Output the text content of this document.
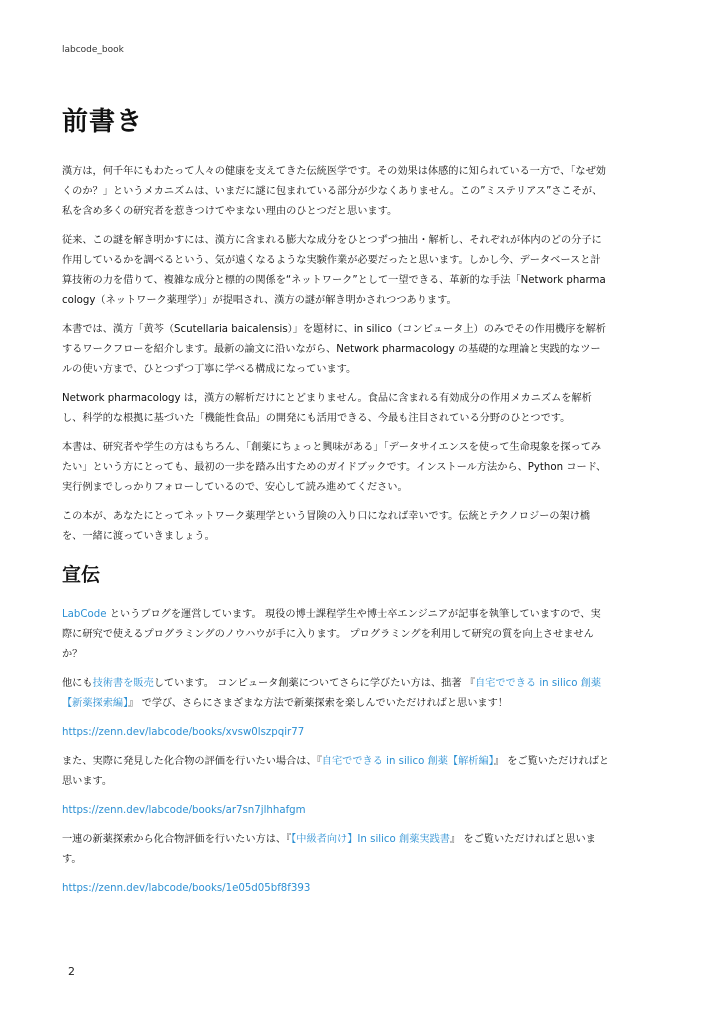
labcode_book
前書き

漢方は，何千年にもわたって人々の健康を支えてきた伝統医学です。その効果は体感的に知られている一方で、「なぜ効くのか？」というメカニズムは、いまだに謎に包まれている部分が少なくありません。この”ミステリアス”さこそが、私を含め多くの研究者を惹きつけてやまない理由のひとつだと思います。

従来、この謎を解き明かすには、漢方に含まれる膨大な成分をひとつずつ抽出・解析し、それぞれが体内のどの分子に作用しているかを調べるという、気が遠くなるような実験作業が必要だったと思います。しかし今、データベースと計算技術の力を借りて、複雑な成分と標的の関係を“ネットワーク”として一望できる、革新的な手法「Network pharmacology（ネットワーク薬理学）」が提唱され、漢方の謎が解き明かされつつあります。

本書では、漢方「黄芩（Scutellaria baicalensis）」を題材に、in silico（コンピュータ上）のみでその作用機序を解析するワークフローを紹介します。最新の論文に沿いながら、Network pharmacology の基礎的な理論と実践的なツールの使い方まで、ひとつずつ丁寧に学べる構成になっています。

Network pharmacology は，漢方の解析だけにとどまりません。食品に含まれる有効成分の作用メカニズムを解析し、科学的な根拠に基づいた「機能性食品」の開発にも活用できる、今最も注目されている分野のひとつです。

本書は、研究者や学生の方はもちろん、「創薬にちょっと興味がある」「データサイエンスを使って生命現象を探ってみたい」という方にとっても、最初の一歩を踏み出すためのガイドブックです。インストール方法から、Python コード、実行例までしっかりフォローしているので、安心して読み進めてください。

この本が、あなたにとってネットワーク薬理学という冒険の入り口になれば幸いです。伝統とテクノロジーの架け橋を、一緒に渡っていきましょう。

宣伝

LabCode というブログを運営しています。 現役の博士課程学生や博士卒エンジニアが記事を執筆していますので、実際に研究で使えるプログラミングのノウハウが手に入ります。 プログラミングを利用して研究の質を向上させませんか？

他にも技術書を販売しています。 コンピュータ創薬についてさらに学びたい方は、拙著 『自宅でできる in silico 創薬【新薬探索編】』 で学び、さらにさまざまな方法で新薬探索を楽しんでいただければと思います！

https://zenn.dev/labcode/books/xvsw0lszpqir77

また、実際に発見した化合物の評価を行いたい場合は、『自宅でできる in silico 創薬【解析編】』 をご覧いただければと思います。

https://zenn.dev/labcode/books/ar7sn7jlhhafgm

一連の新薬探索から化合物評価を行いたい方は、『【中級者向け】In silico 創薬実践書』 をご覧いただければと思います。

https://zenn.dev/labcode/books/1e05d05bf8f393

2
